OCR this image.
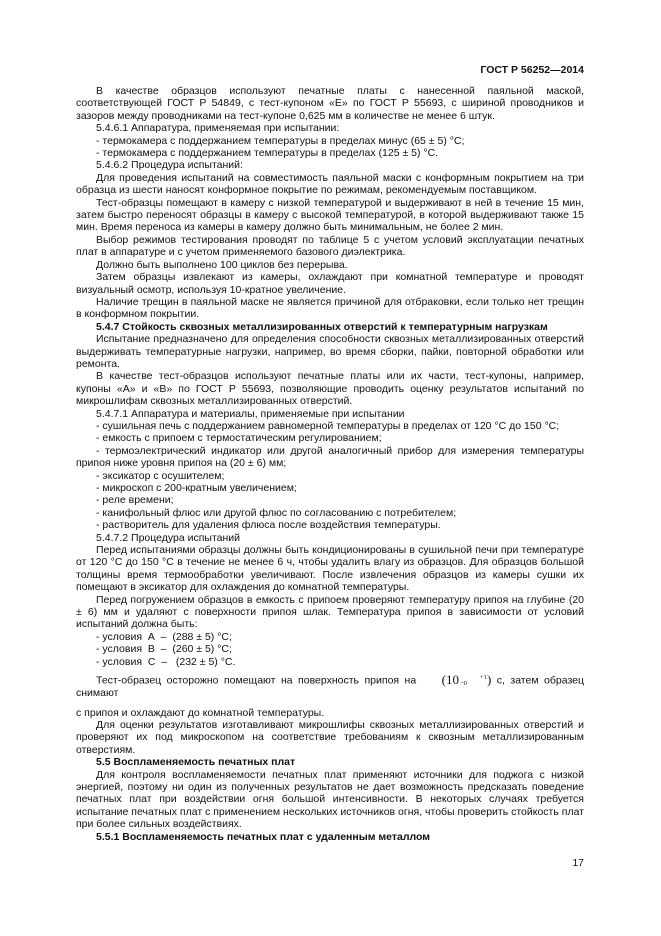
ГОСТ Р 56252—2014

В качестве образцов используют печатные платы с нанесенной паяльной маской, соответствующей ГОСТ Р 54849, с тест-купоном «Е» по ГОСТ Р 55693, с шириной проводников и зазоров между проводниками на тест-купоне 0,625 мм в количестве не менее 6 штук.

5.4.6.1 Аппаратура, применяемая при испытании:

- термокамера с поддержанием температуры в пределах минус (65 ± 5) °С;

- термокамера с поддержанием температуры в пределах (125 ± 5) °С.

5.4.6.2 Процедура испытаний:

Для проведения испытаний на совместимость паяльной маски с конформным покрытием на три образца из шести наносят конформное покрытие по режимам, рекомендуемым поставщиком.

Тест-образцы помещают в камеру с низкой температурой и выдерживают в ней в течение 15 мин, затем быстро переносят образцы в камеру с высокой температурой, в которой выдерживают также 15 мин. Время переноса из камеры в камеру должно быть минимальным, не более 2 мин.

Выбор режимов тестирования проводят по таблице 5 с учетом условий эксплуатации печатных плат в аппаратуре и с учетом применяемого базового диэлектрика.

Должно быть выполнено 100 циклов без перерыва.

Затем образцы извлекают из камеры, охлаждают при комнатной температуре и проводят визуальный осмотр, используя 10-кратное увеличение.

Наличие трещин в паяльной маске не является причиной для отбраковки, если только нет трещин в конформном покрытии.

5.4.7 Стойкость сквозных металлизированных отверстий к температурным нагрузкам

Испытание предназначено для определения способности сквозных металлизированных отверстий выдерживать температурные нагрузки, например, во время сборки, пайки, повторной обработки или ремонта.

В качестве тест-образцов используют печатные платы или их части, тест-купоны, например, купоны «А» и «В» по ГОСТ Р 55693, позволяющие проводить оценку результатов испытаний по микрошлифам сквозных металлизированных отверстий.

5.4.7.1 Аппаратура и материалы, применяемые при испытании

- сушильная печь с поддержанием равномерной температуры в пределах от 120 °С до 150 °С;

- емкость с припоем с термостатическим регулированием;

- термоэлектрический индикатор или другой аналогичный прибор для измерения температуры припоя ниже уровня припоя на (20 ± 6) мм;

- эксикатор с осушителем;

- микроскоп с 200-кратным увеличением;

- реле времени;

- канифольный флюс или другой флюс по согласованию с потребителем;

- растворитель для удаления флюса после воздействия температуры.

5.4.7.2 Процедура испытаний

Перед испытаниями образцы должны быть кондиционированы в сушильной печи при температуре от 120 °С до 150 °С в течение не менее 6 ч, чтобы удалить влагу из образцов. Для образцов большой толщины время термообработки увеличивают. После извлечения образцов из камеры сушки их помещают в эксикатор для охлаждения до комнатной температуры.

Перед погружением образцов в емкость с припоем проверяют температуру припоя на глубине (20 ± 6) мм и удаляют с поверхности припоя шлак. Температура припоя в зависимости от условий испытаний должна быть:

- условия  А  –  (288 ± 5) °С;

- условия  В  –  (260 ± 5) °С;

- условия  С  –   (232 ± 5) °С.

Тест-образец осторожно помещают на поверхность припоя на (10	+1
−0 ) с, затем образец снимают

с припоя и охлаждают до комнатной температуры.

Для оценки результатов изготавливают микрошлифы сквозных металлизированных отверстий и проверяют их под микроскопом на соответствие требованиям к сквозным металлизированным отверстиям.

5.5 Воспламеняемость печатных плат

Для контроля воспламеняемости печатных плат применяют источники для поджога с низкой энергией, поэтому ни один из полученных результатов не дает возможность предсказать поведение печатных плат при воздействии огня большой интенсивности. В некоторых случаях требуется испытание печатных плат с применением нескольких источников огня, чтобы проверить стойкость плат при более сильных воздействиях.

5.5.1 Воспламеняемость печатных плат с удаленным металлом

17
